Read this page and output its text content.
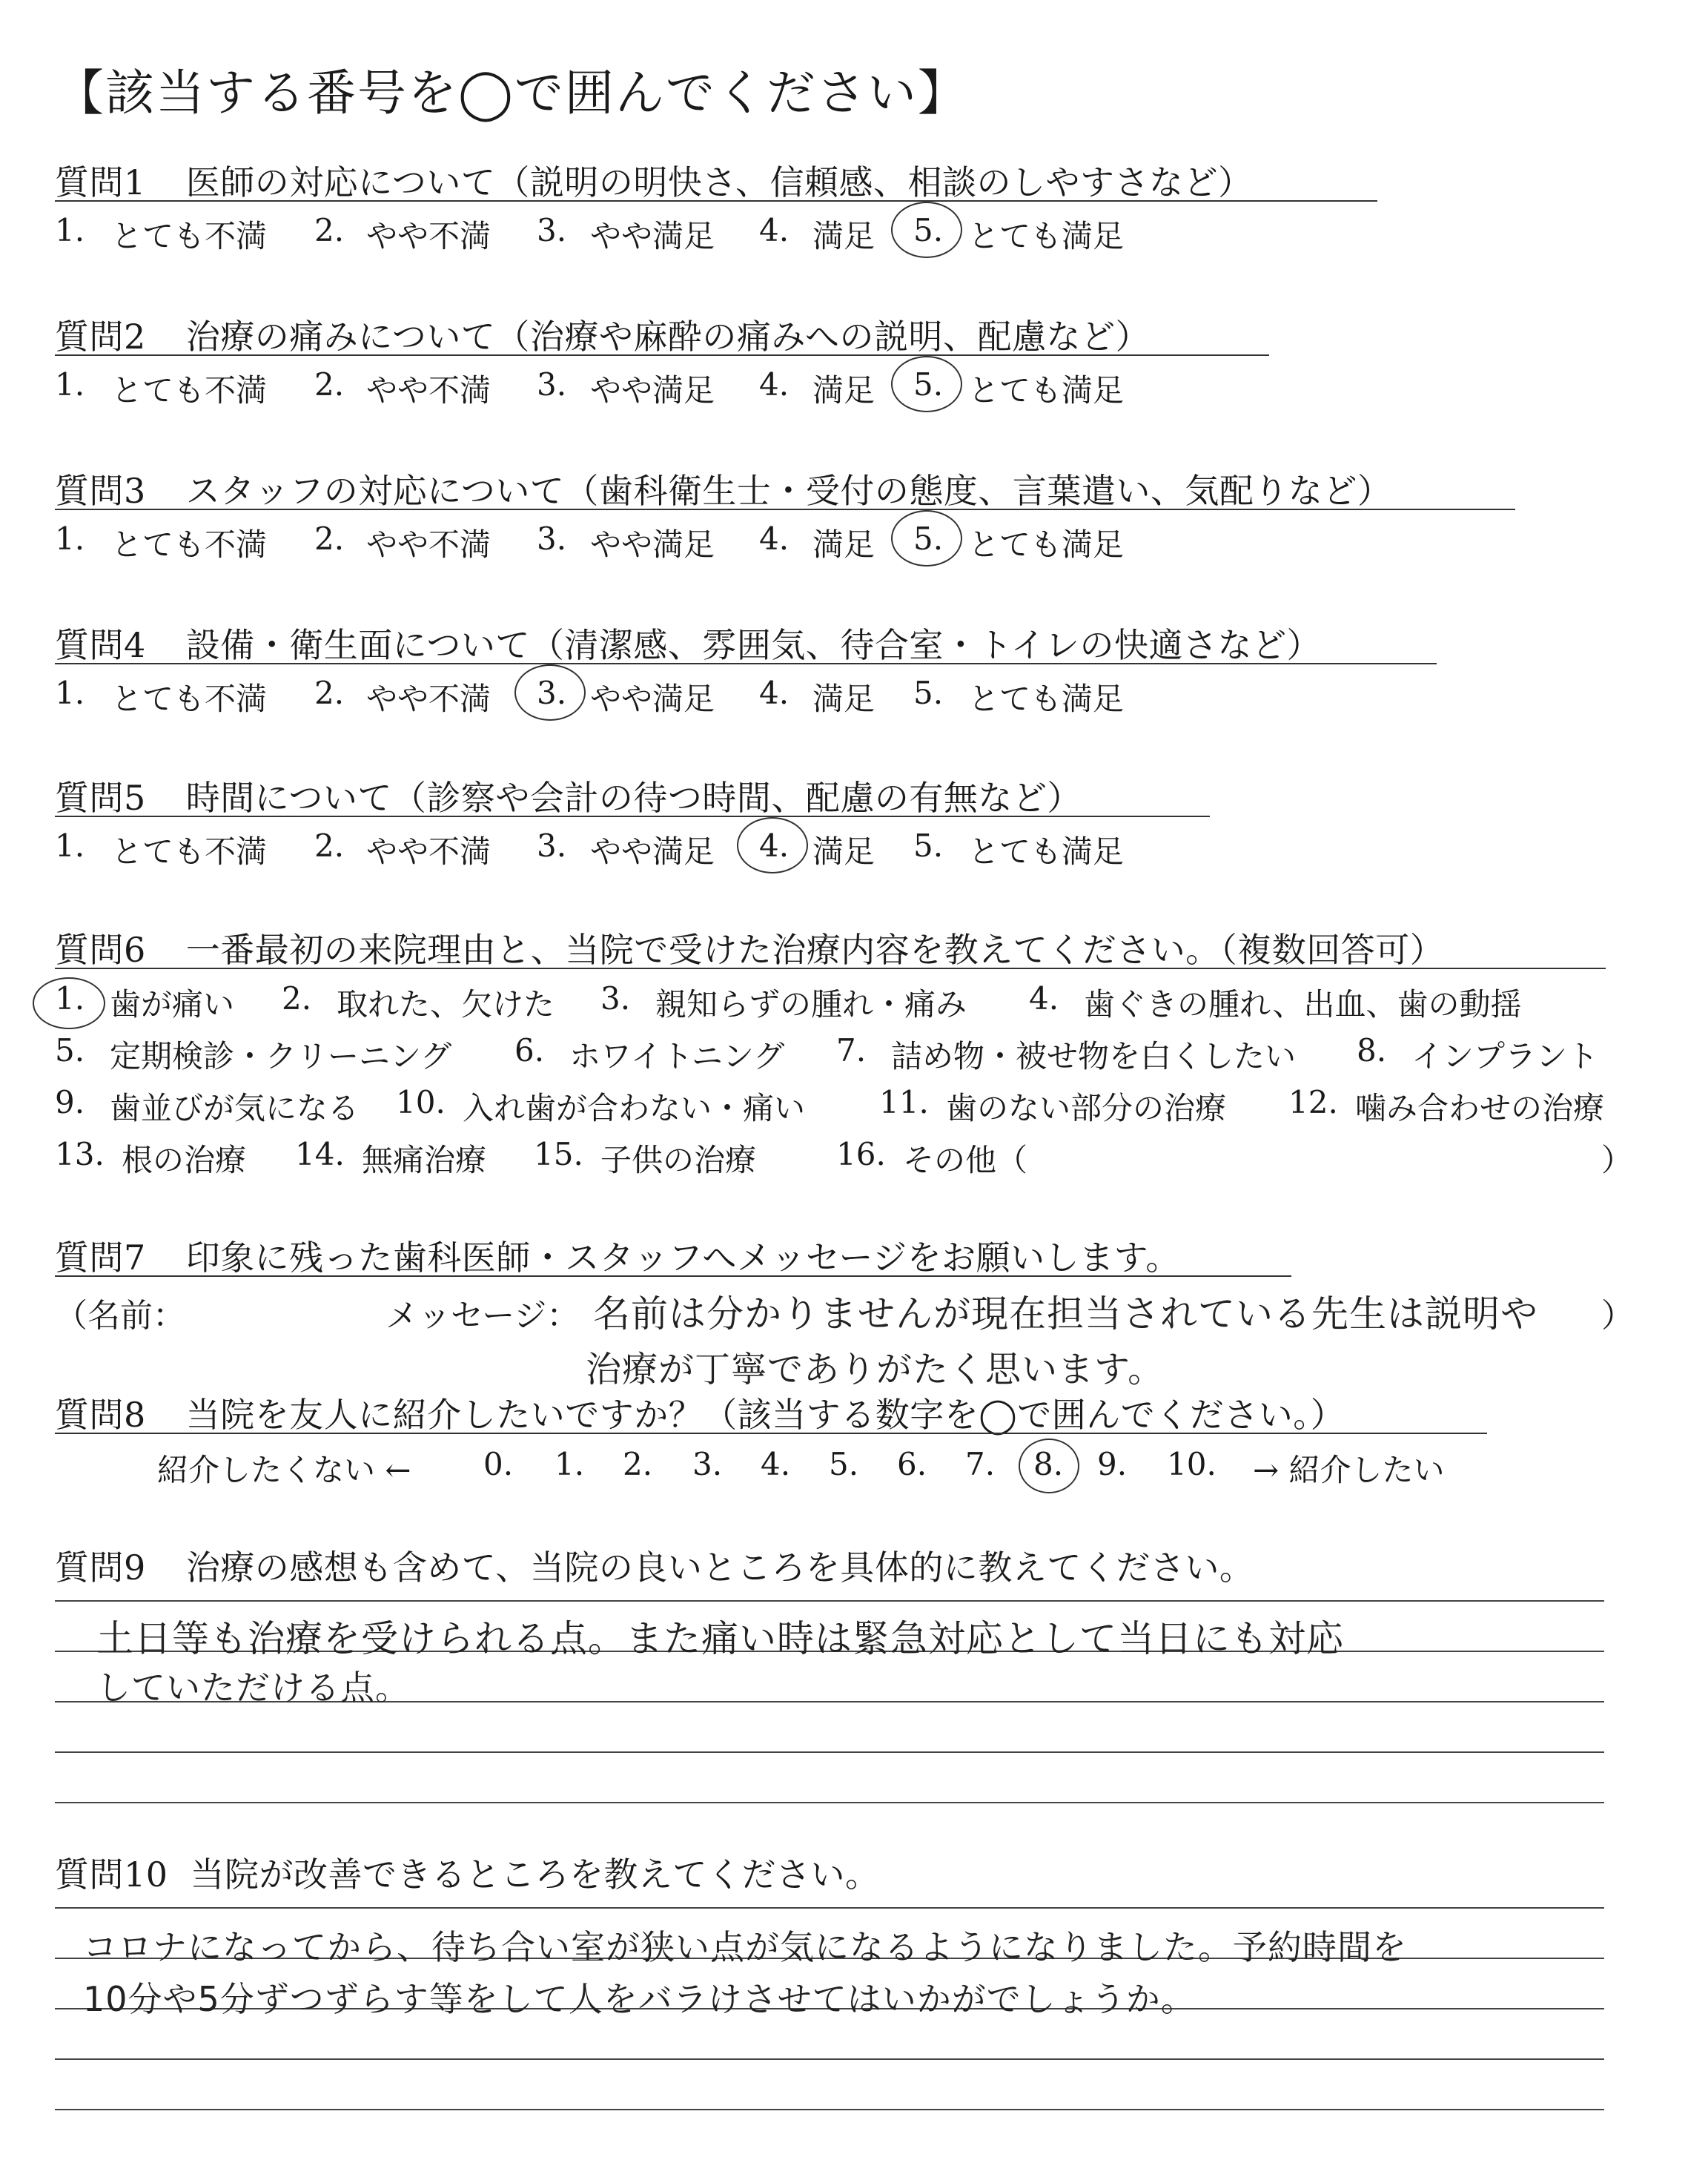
【該当する番号を◯で囲んでください】
質問1 医師の対応について（説明の明快さ、信頼感、相談のしやすさなど）
1. とても不満 2. やや不満 3. やや満足 4. 満足 5. とても満足
質問2 治療の痛みについて（治療や麻酔の痛みへの説明、配慮など）
1. とても不満 2. やや不満 3. やや満足 4. 満足 5. とても満足
質問3 スタッフの対応について（歯科衛生士・受付の態度、言葉遣い、気配りなど）
1. とても不満 2. やや不満 3. やや満足 4. 満足 5. とても満足
質問4 設備・衛生面について（清潔感、雰囲気、待合室・トイレの快適さなど）
1. とても不満 2. やや不満 3. やや満足 4. 満足 5. とても満足
質問5 時間について（診察や会計の待つ時間、配慮の有無など）
1. とても不満 2. やや不満 3. やや満足 4. 満足 5. とても満足
質問6 一番最初の来院理由と、当院で受けた治療内容を教えてください。（複数回答可）
1. 歯が痛い 2. 取れた、欠けた 3. 親知らずの腫れ・痛み 4. 歯ぐきの腫れ、出血、歯の動揺
5. 定期検診・クリーニング 6. ホワイトニング 7. 詰め物・被せ物を白くしたい 8. インプラント
9. 歯並びが気になる 10. 入れ歯が合わない・痛い 11. 歯のない部分の治療 12. 噛み合わせの治療
13. 根の治療 14. 無痛治療 15. 子供の治療	16. その他（	）
質問7 印象に残った歯科医師・スタッフへメッセージをお願いします。
（名前：	メッセージ：	）
名前は分かりませんが現在担当されている先生は説明や
治療が丁寧でありがたく思います。
質問8 当院を友人に紹介したいですか？（該当する数字を◯で囲んでください。）
紹介したくない ← 0. 1. 2. 3. 4. 5. 6. 7. 8. 9. 10. → 紹介したい
質問9 治療の感想も含めて、当院の良いところを具体的に教えてください。
土日等も治療を受けられる点。また痛い時は緊急対応として当日にも対応
していただける点。
質問10 当院が改善できるところを教えてください。
コロナになってから、待ち合い室が狭い点が気になるようになりました。予約時間を
10分や5分ずつずらす等をして人をバラけさせてはいかがでしょうか。
